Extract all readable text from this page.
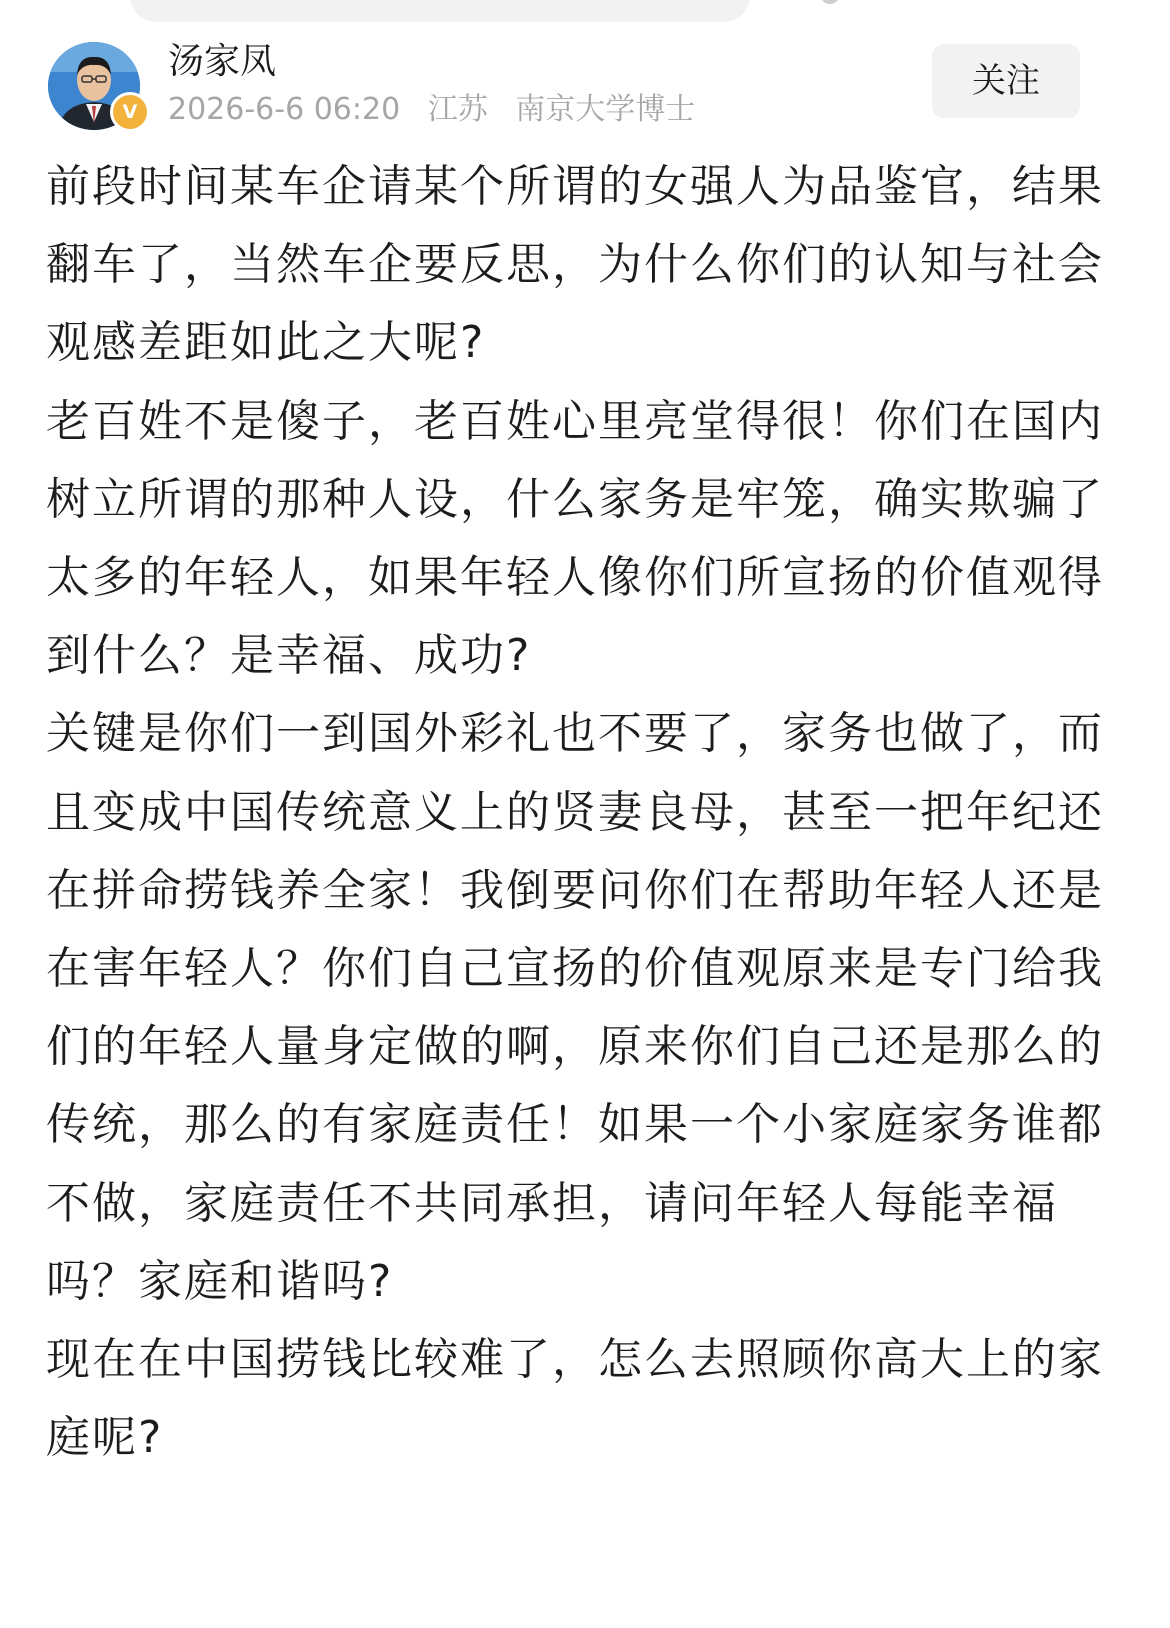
V
汤家凤
2026-6-6 06:20 江苏 南京大学博士
关注

前段时间某车企请某个所谓的女强人为品鉴官，结果翻车了，当然车企要反思，为什么你们的认知与社会观感差距如此之大呢?

老百姓不是傻子，老百姓心里亮堂得很！你们在国内树立所谓的那种人设，什么家务是牢笼，确实欺骗了太多的年轻人，如果年轻人像你们所宣扬的价值观得到什么？是幸福、成功?

关键是你们一到国外彩礼也不要了，家务也做了，而且变成中国传统意义上的贤妻良母，甚至一把年纪还在拼命捞钱养全家！我倒要问你们在帮助年轻人还是在害年轻人？你们自己宣扬的价值观原来是专门给我们的年轻人量身定做的啊，原来你们自己还是那么的传统，那么的有家庭责任！如果一个小家庭家务谁都不做，家庭责任不共同承担，请问年轻人每能幸福吗？家庭和谐吗?

现在在中国捞钱比较难了，怎么去照顾你高大上的家庭呢?
